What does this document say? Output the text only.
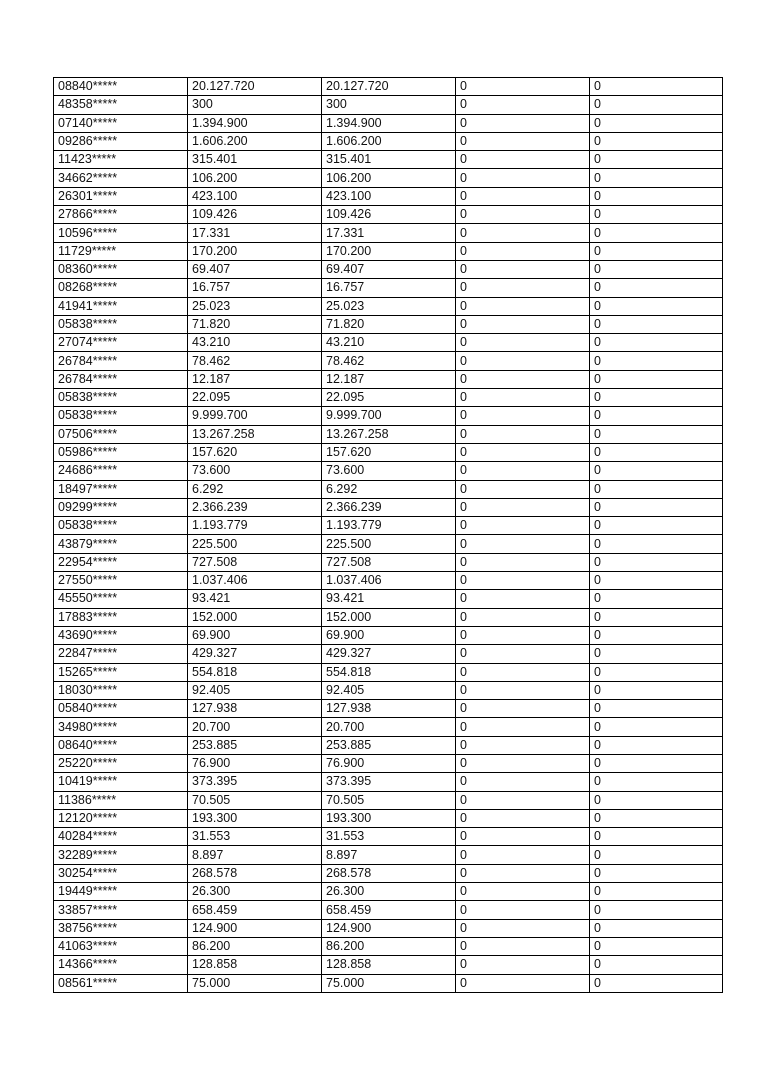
08840*****	20.127.720	20.127.720	0	0
48358*****	300	300	0	0
07140*****	1.394.900	1.394.900	0	0
09286*****	1.606.200	1.606.200	0	0
11423*****	315.401	315.401	0	0
34662*****	106.200	106.200	0	0
26301*****	423.100	423.100	0	0
27866*****	109.426	109.426	0	0
10596*****	17.331	17.331	0	0
11729*****	170.200	170.200	0	0
08360*****	69.407	69.407	0	0
08268*****	16.757	16.757	0	0
41941*****	25.023	25.023	0	0
05838*****	71.820	71.820	0	0
27074*****	43.210	43.210	0	0
26784*****	78.462	78.462	0	0
26784*****	12.187	12.187	0	0
05838*****	22.095	22.095	0	0
05838*****	9.999.700	9.999.700	0	0
07506*****	13.267.258	13.267.258	0	0
05986*****	157.620	157.620	0	0
24686*****	73.600	73.600	0	0
18497*****	6.292	6.292	0	0
09299*****	2.366.239	2.366.239	0	0
05838*****	1.193.779	1.193.779	0	0
43879*****	225.500	225.500	0	0
22954*****	727.508	727.508	0	0
27550*****	1.037.406	1.037.406	0	0
45550*****	93.421	93.421	0	0
17883*****	152.000	152.000	0	0
43690*****	69.900	69.900	0	0
22847*****	429.327	429.327	0	0
15265*****	554.818	554.818	0	0
18030*****	92.405	92.405	0	0
05840*****	127.938	127.938	0	0
34980*****	20.700	20.700	0	0
08640*****	253.885	253.885	0	0
25220*****	76.900	76.900	0	0
10419*****	373.395	373.395	0	0
11386*****	70.505	70.505	0	0
12120*****	193.300	193.300	0	0
40284*****	31.553	31.553	0	0
32289*****	8.897	8.897	0	0
30254*****	268.578	268.578	0	0
19449*****	26.300	26.300	0	0
33857*****	658.459	658.459	0	0
38756*****	124.900	124.900	0	0
41063*****	86.200	86.200	0	0
14366*****	128.858	128.858	0	0
08561*****	75.000	75.000	0	0
